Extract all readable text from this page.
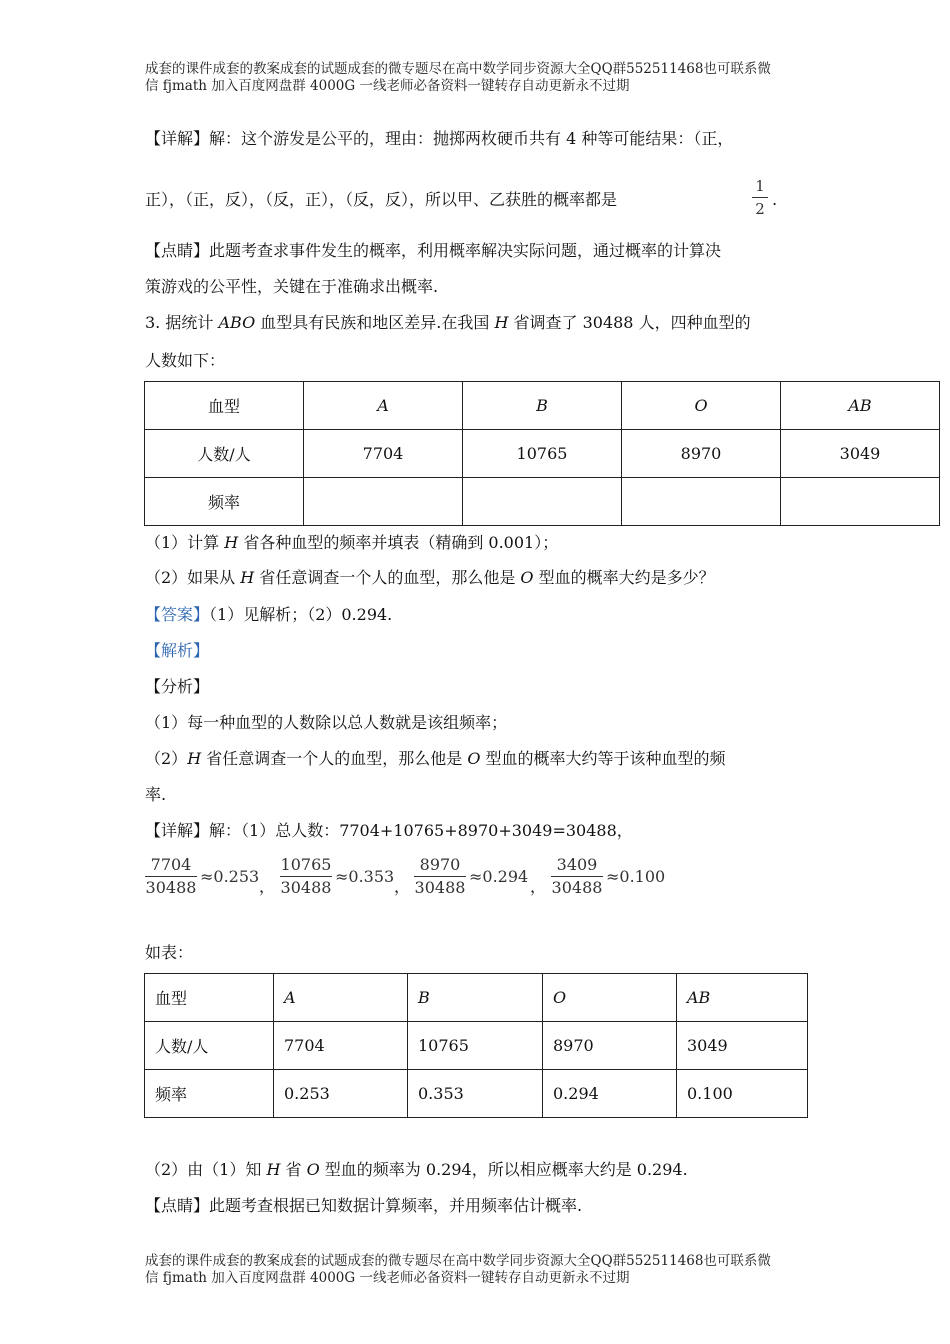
成套的课件成套的教案成套的试题成套的微专题尽在高中数学同步资源大全QQ群552511468也可联系微
信 fjmath 加入百度网盘群 4000G 一线老师必备资料一键转存自动更新永不过期
【详解】解：这个游发是公平的，理由：抛掷两枚硬币共有 4 种等可能结果：（正，
正），（正，反），（反，正），（反，反），所以甲、乙获胜的概率都是
1
2 .
【点睛】此题考查求事件发生的概率，利用概率解决实际问题，通过概率的计算决
策游戏的公平性，关键在于准确求出概率.
3. 据统计 ABO 血型具有民族和地区差异.在我国 H 省调查了 30488 人，四种血型的
人数如下：
血型	A	B	O	AB
人数/人	7704	10765	8970	3049
频率				
（1）计算 H 省各种血型的频率并填表（精确到 0.001）；
（2）如果从 H 省任意调查一个人的血型，那么他是 O 型血的概率大约是多少？
【答案】（1）见解析；（2）0.294.
【解析】
【分析】
（1）每一种血型的人数除以总人数就是该组频率；
（2）H 省任意调查一个人的血型，那么他是 O 型血的概率大约等于该种血型的频
率.
【详解】解：（1）总人数：7704+10765+8970+3049=30488，
7704
30488
≈0.253
，
10765
30488
≈0.353
，
8970
30488
≈0.294
，
3409
30488
≈0.100
如表：
血型	A	B	O	AB
人数/人	7704	10765	8970	3049
频率	0.253	0.353	0.294	0.100
（2）由（1）知 H 省 O 型血的频率为 0.294，所以相应概率大约是 0.294.
【点睛】此题考查根据已知数据计算频率，并用频率估计概率.
成套的课件成套的教案成套的试题成套的微专题尽在高中数学同步资源大全QQ群552511468也可联系微
信 fjmath 加入百度网盘群 4000G 一线老师必备资料一键转存自动更新永不过期
